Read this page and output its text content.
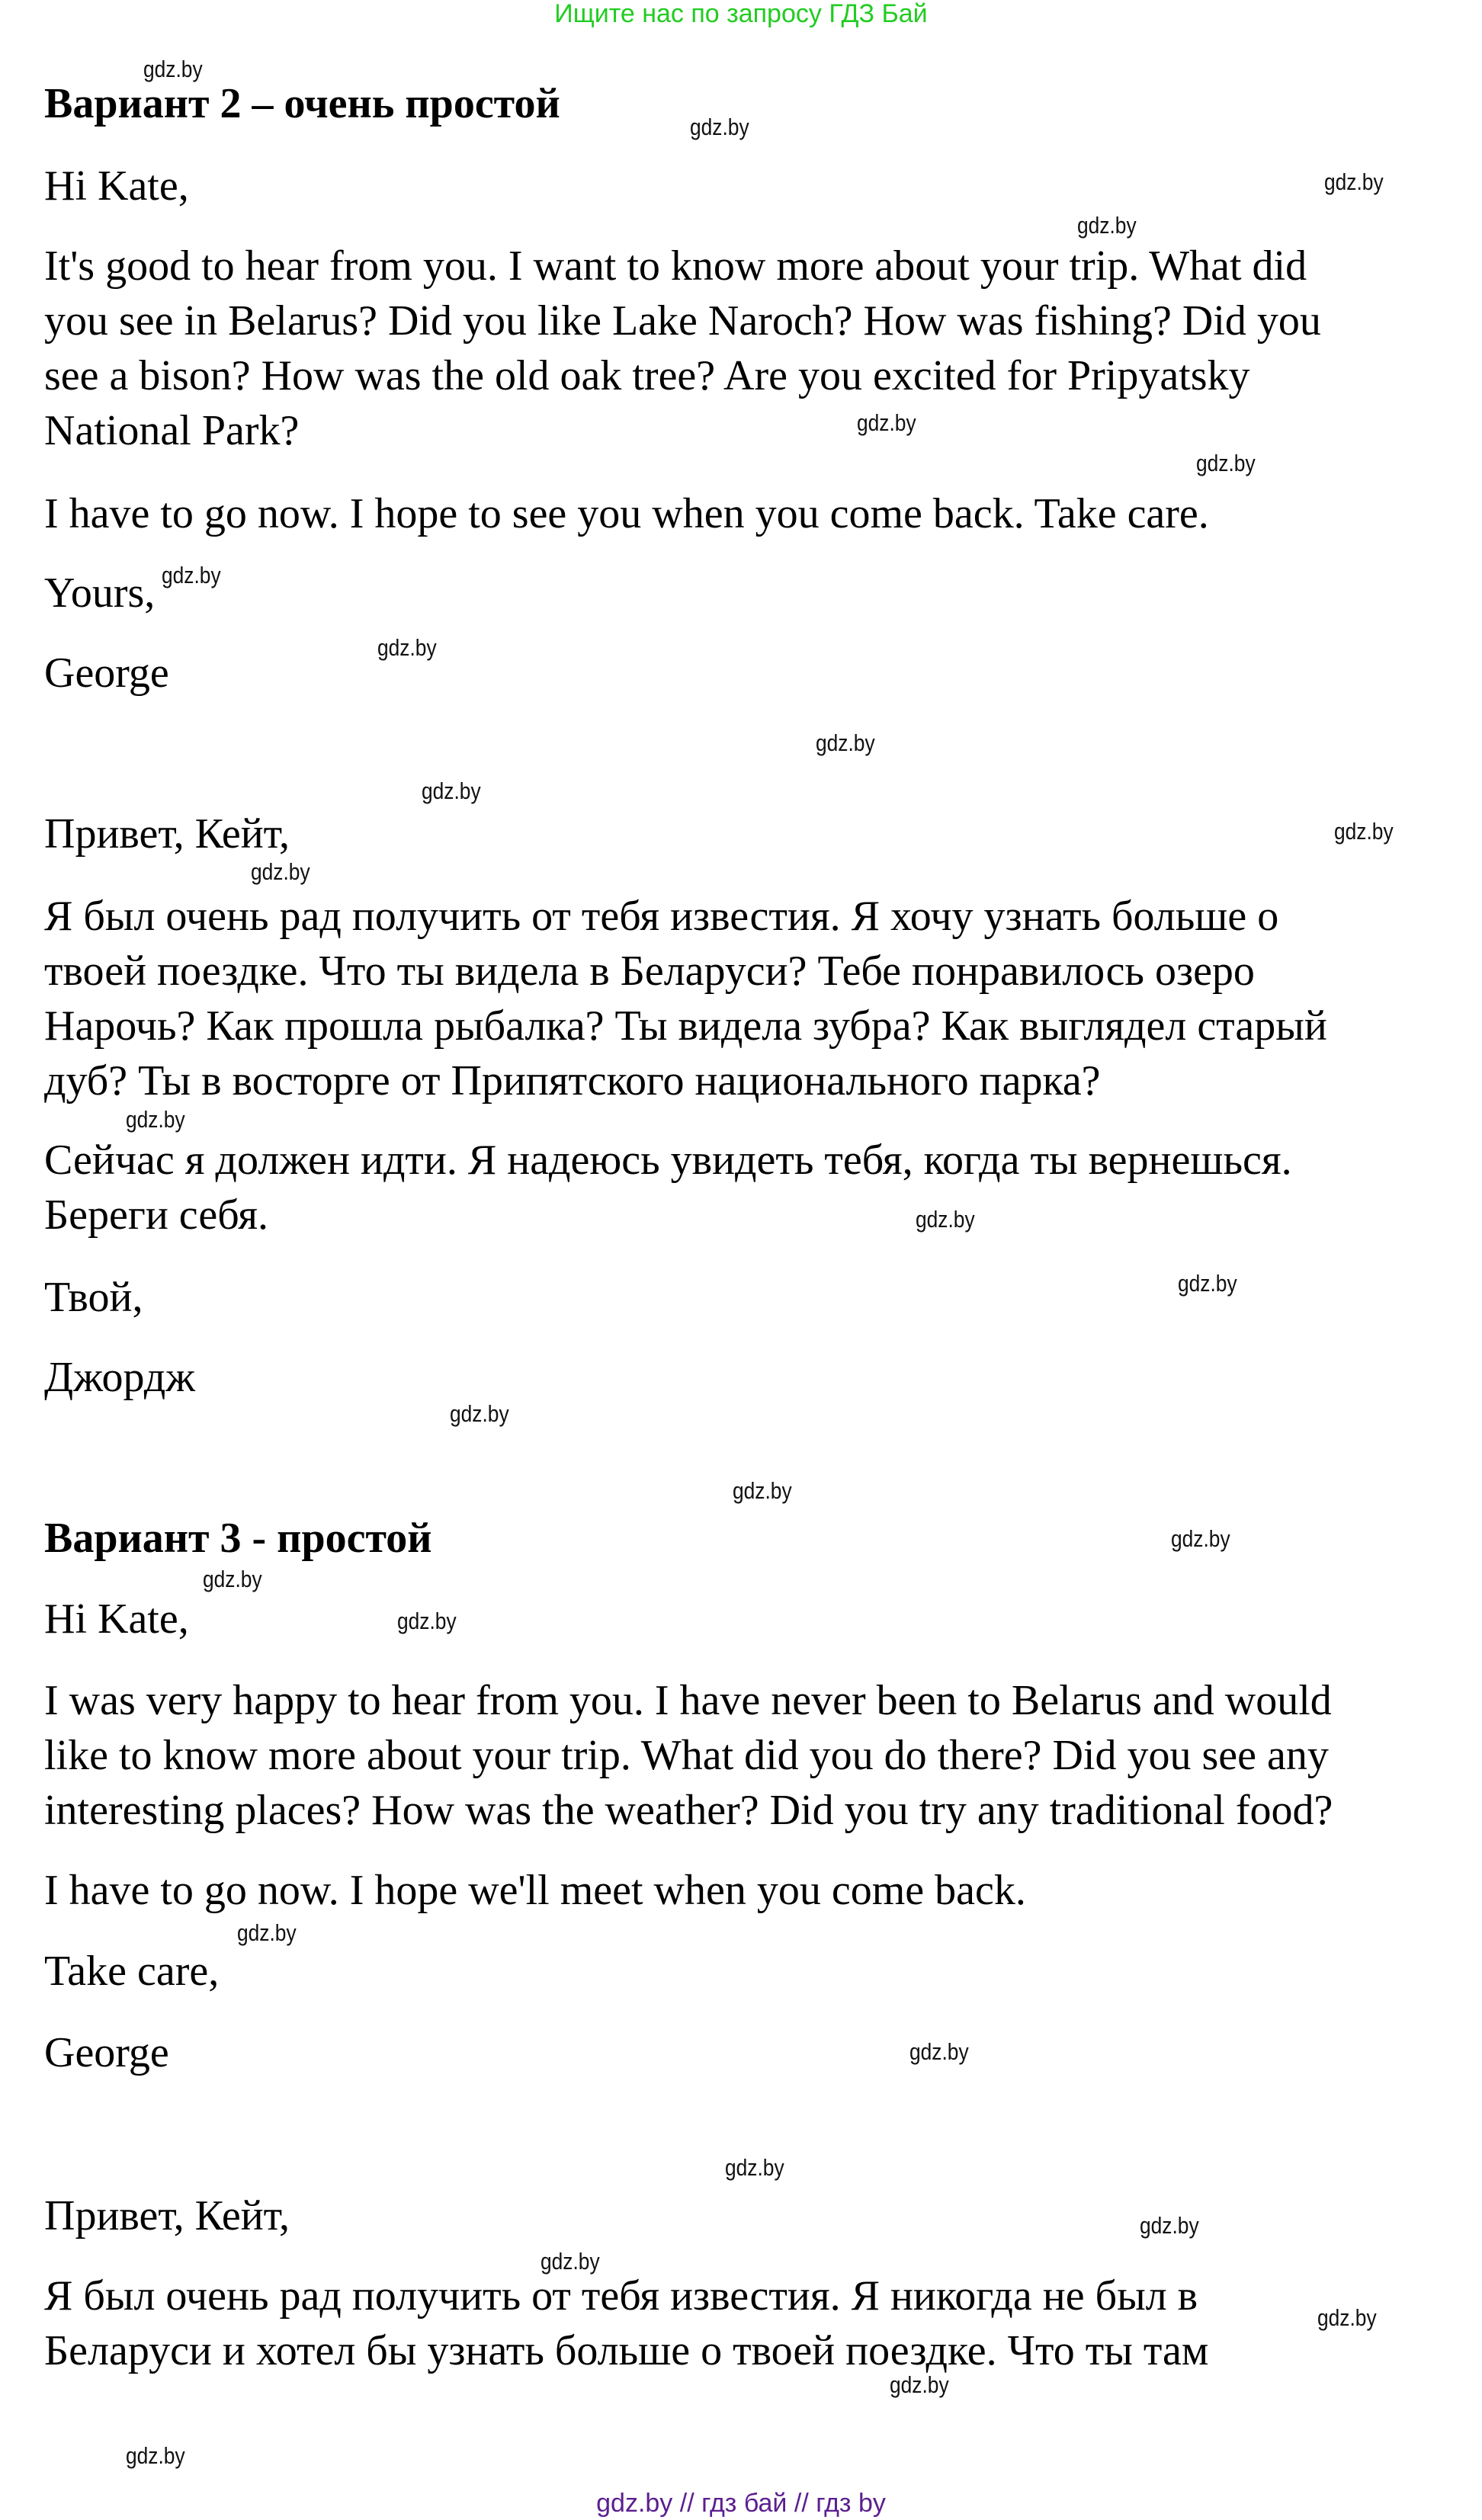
Ищите нас по запросу ГДЗ Бай
Вариант 2 – очень простой
Hi Kate,
It's good to hear from you. I want to know more about your trip. What did
you see in Belarus? Did you like Lake Naroch? How was fishing? Did you
see a bison? How was the old oak tree? Are you excited for Pripyatsky
National Park?
I have to go now. I hope to see you when you come back. Take care.
Yours,
George
Привет, Кейт,
Я был очень рад получить от тебя известия. Я хочу узнать больше о
твоей поездке. Что ты видела в Беларуси? Тебе понравилось озеро
Нарочь? Как прошла рыбалка? Ты видела зубра? Как выглядел старый
дуб? Ты в восторге от Припятского национального парка?
Сейчас я должен идти. Я надеюсь увидеть тебя, когда ты вернешься.
Береги себя.
Твой,
Джордж
Вариант 3 - простой
Hi Kate,
I was very happy to hear from you. I have never been to Belarus and would
like to know more about your trip. What did you do there? Did you see any
interesting places? How was the weather? Did you try any traditional food?
I have to go now. I hope we'll meet when you come back.
Take care,
George
Привет, Кейт,
Я был очень рад получить от тебя известия. Я никогда не был в
Беларуси и хотел бы узнать больше о твоей поездке. Что ты там
gdz.by
gdz.by
gdz.by
gdz.by
gdz.by
gdz.by
gdz.by
gdz.by
gdz.by
gdz.by
gdz.by
gdz.by
gdz.by
gdz.by
gdz.by
gdz.by
gdz.by
gdz.by
gdz.by
gdz.by
gdz.by
gdz.by
gdz.by
gdz.by
gdz.by
gdz.by
gdz.by
gdz.by
gdz.by // гдз бай // гдз by
